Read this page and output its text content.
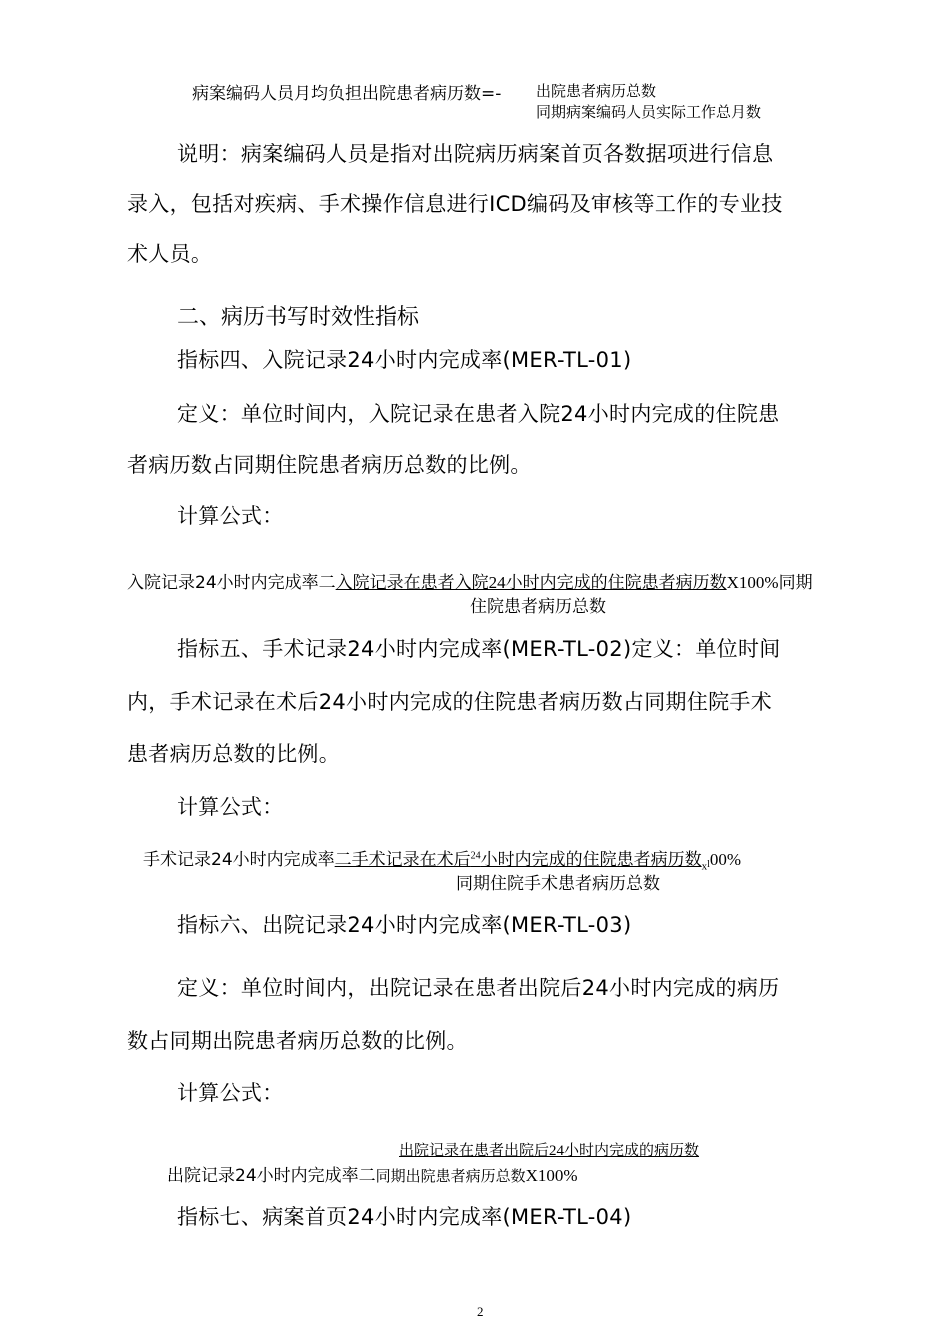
病案编码人员月均负担出院患者病历数=- 出院患者病历总数
同期病案编码人员实际工作总月数
说明：病案编码人员是指对出院病历病案首页各数据项进行信息
录入，包括对疾病、手术操作信息进行ICD编码及审核等工作的专业技
术人员。
二、病历书写时效性指标
指标四、入院记录24小时内完成率(MER-TL-01)
定义：单位时间内，入院记录在患者入院24小时内完成的住院患
者病历数占同期住院患者病历总数的比例。
计算公式：
入院记录24小时内完成率二入院记录在患者入院24小时内完成的住院患者病历数X100%同期
住院患者病历总数
指标五、手术记录24小时内完成率(MER-TL-02)定义：单位时间
内，手术记录在术后24小时内完成的住院患者病历数占同期住院手术
患者病历总数的比例。
计算公式：
手术记录24小时内完成率二手术记录在术后$^{24}$小时内完成的住院患者病历数$_x$l00%
同期住院手术患者病历总数
指标六、出院记录24小时内完成率(MER-TL-03)
定义：单位时间内，出院记录在患者出院后24小时内完成的病历
数占同期出院患者病历总数的比例。
计算公式：
出院记录在患者出院后24小时内完成的病历数
出院记录24小时内完成率二同期出院患者病历总数X100%
指标七、病案首页24小时内完成率(MER-TL-04)
2
